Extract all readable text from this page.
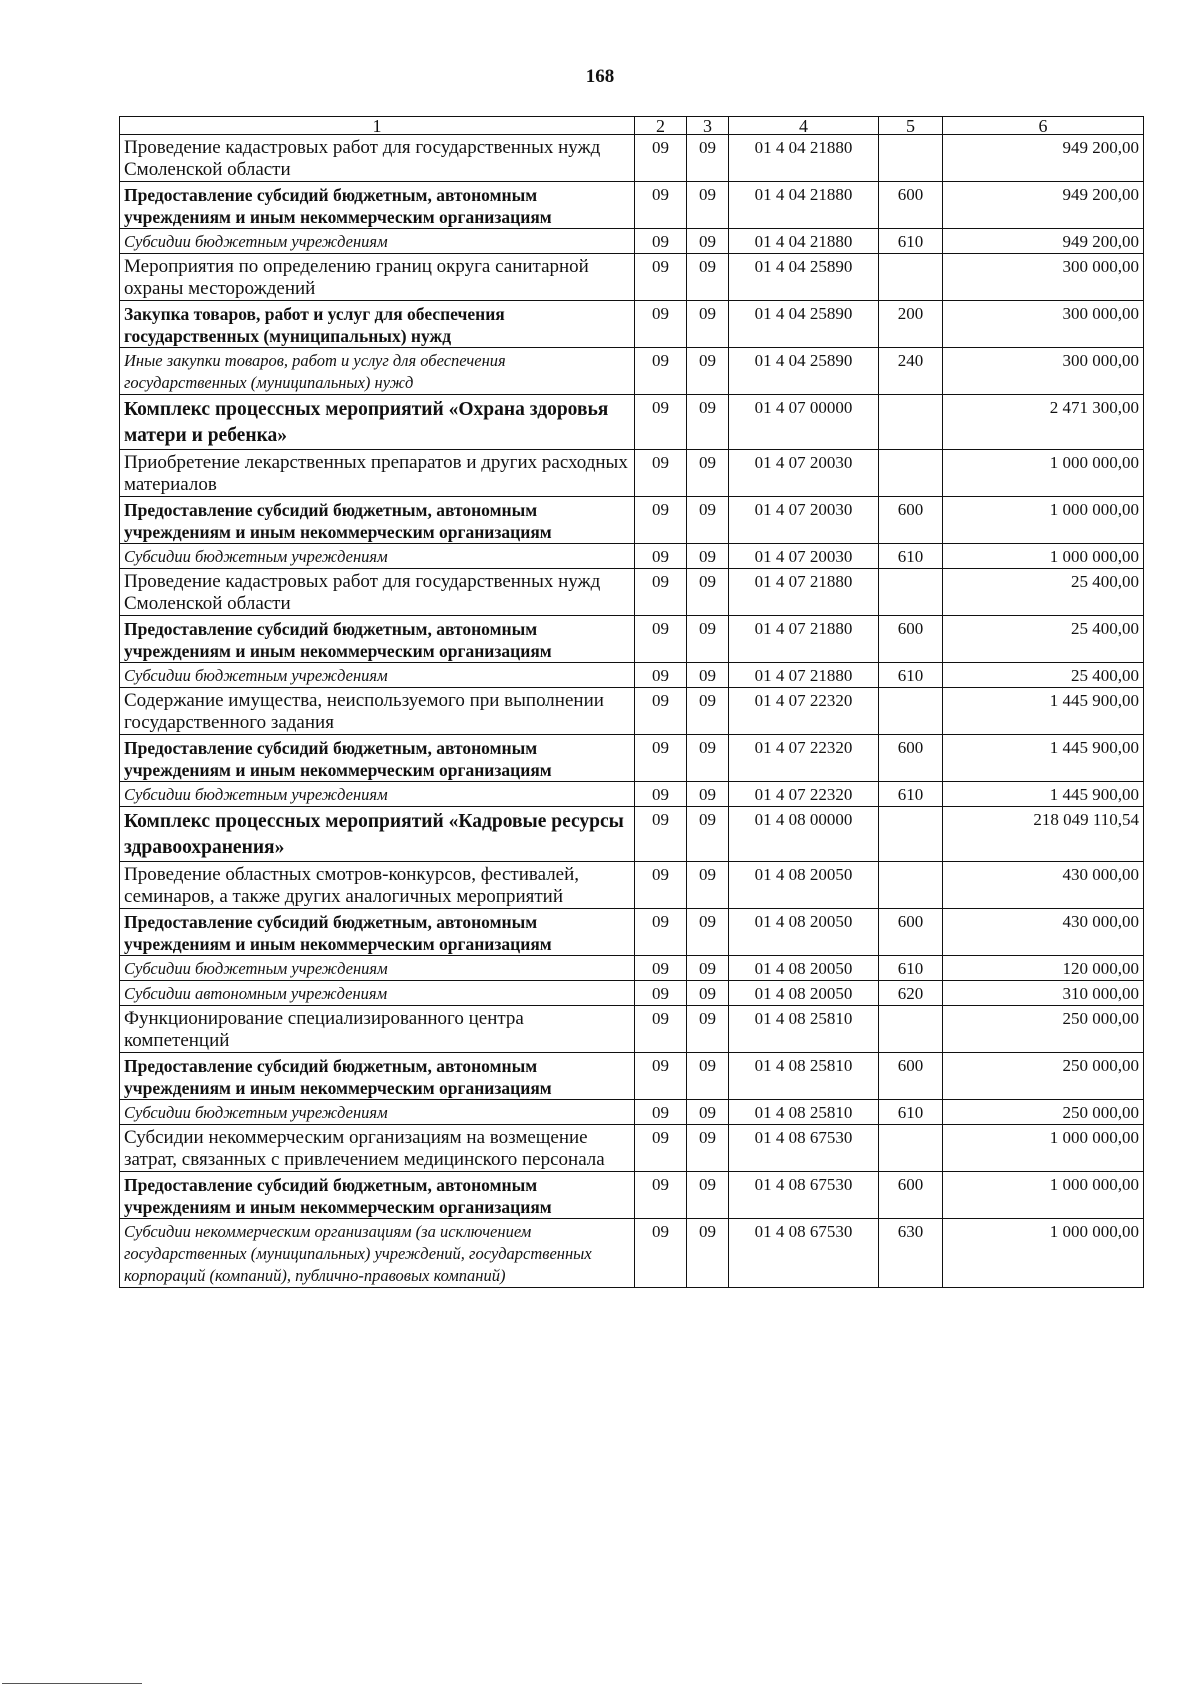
168
1	2	3	4	5	6
Проведение кадастровых работ для государственных нужд Смоленской области	09	09	01 4 04 21880		949 200,00
Предоставление субсидий бюджетным, автономным учреждениям и иным некоммерческим организациям	09	09	01 4 04 21880	600	949 200,00
Субсидии бюджетным учреждениям	09	09	01 4 04 21880	610	949 200,00
Мероприятия по определению границ округа санитарной охраны месторождений	09	09	01 4 04 25890		300 000,00
Закупка товаров, работ и услуг для обеспечения государственных (муниципальных) нужд	09	09	01 4 04 25890	200	300 000,00
Иные закупки товаров, работ и услуг для обеспечения государственных (муниципальных) нужд	09	09	01 4 04 25890	240	300 000,00
Комплекс процессных мероприятий «Охрана здоровья матери и ребенка»	09	09	01 4 07 00000		2 471 300,00
Приобретение лекарственных препаратов и других расходных материалов	09	09	01 4 07 20030		1 000 000,00
Предоставление субсидий бюджетным, автономным учреждениям и иным некоммерческим организациям	09	09	01 4 07 20030	600	1 000 000,00
Субсидии бюджетным учреждениям	09	09	01 4 07 20030	610	1 000 000,00
Проведение кадастровых работ для государственных нужд Смоленской области	09	09	01 4 07 21880		25 400,00
Предоставление субсидий бюджетным, автономным учреждениям и иным некоммерческим организациям	09	09	01 4 07 21880	600	25 400,00
Субсидии бюджетным учреждениям	09	09	01 4 07 21880	610	25 400,00
Содержание имущества, неиспользуемого при выполнении государственного задания	09	09	01 4 07 22320		1 445 900,00
Предоставление субсидий бюджетным, автономным учреждениям и иным некоммерческим организациям	09	09	01 4 07 22320	600	1 445 900,00
Субсидии бюджетным учреждениям	09	09	01 4 07 22320	610	1 445 900,00
Комплекс процессных мероприятий «Кадровые ресурсы здравоохранения»	09	09	01 4 08 00000		218 049 110,54
Проведение областных смотров-конкурсов, фестивалей, семинаров, а также других аналогичных мероприятий	09	09	01 4 08 20050		430 000,00
Предоставление субсидий бюджетным, автономным учреждениям и иным некоммерческим организациям	09	09	01 4 08 20050	600	430 000,00
Субсидии бюджетным учреждениям	09	09	01 4 08 20050	610	120 000,00
Субсидии автономным учреждениям	09	09	01 4 08 20050	620	310 000,00
Функционирование специализированного центра компетенций	09	09	01 4 08 25810		250 000,00
Предоставление субсидий бюджетным, автономным учреждениям и иным некоммерческим организациям	09	09	01 4 08 25810	600	250 000,00
Субсидии бюджетным учреждениям	09	09	01 4 08 25810	610	250 000,00
Субсидии некоммерческим организациям на возмещение затрат, связанных с привлечением медицинского персонала	09	09	01 4 08 67530		1 000 000,00
Предоставление субсидий бюджетным, автономным учреждениям и иным некоммерческим организациям	09	09	01 4 08 67530	600	1 000 000,00
Субсидии некоммерческим организациям (за исключением государственных (муниципальных) учреждений, государственных корпораций (компаний), публично-правовых компаний)	09	09	01 4 08 67530	630	1 000 000,00
